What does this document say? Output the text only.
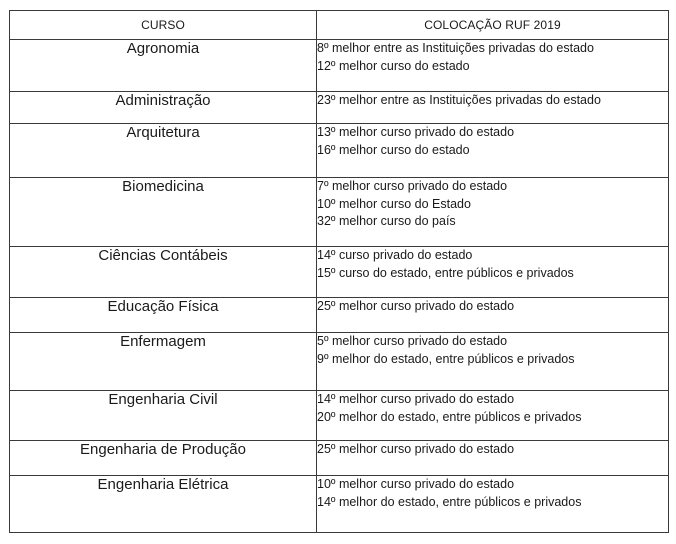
CURSO	COLOCAÇÃO RUF 2019
Agronomia	8º melhor entre as Instituições privadas do estado
12º melhor curso do estado

Administração	23º melhor entre as Instituições privadas do estado

Arquitetura	13º melhor curso privado do estado
16º melhor curso do estado

Biomedicina	7º melhor curso privado do estado
10º melhor curso do Estado
32º melhor curso do país

Ciências Contábeis	14º curso privado do estado
15º curso do estado, entre públicos e privados

Educação Física	25º melhor curso privado do estado

Enfermagem	5º melhor curso privado do estado
9º melhor do estado, entre públicos e privados

Engenharia Civil	14º melhor curso privado do estado
20º melhor do estado, entre públicos e privados

Engenharia de Produção	25º melhor curso privado do estado

Engenharia Elétrica	10º melhor curso privado do estado
14º melhor do estado, entre públicos e privados
